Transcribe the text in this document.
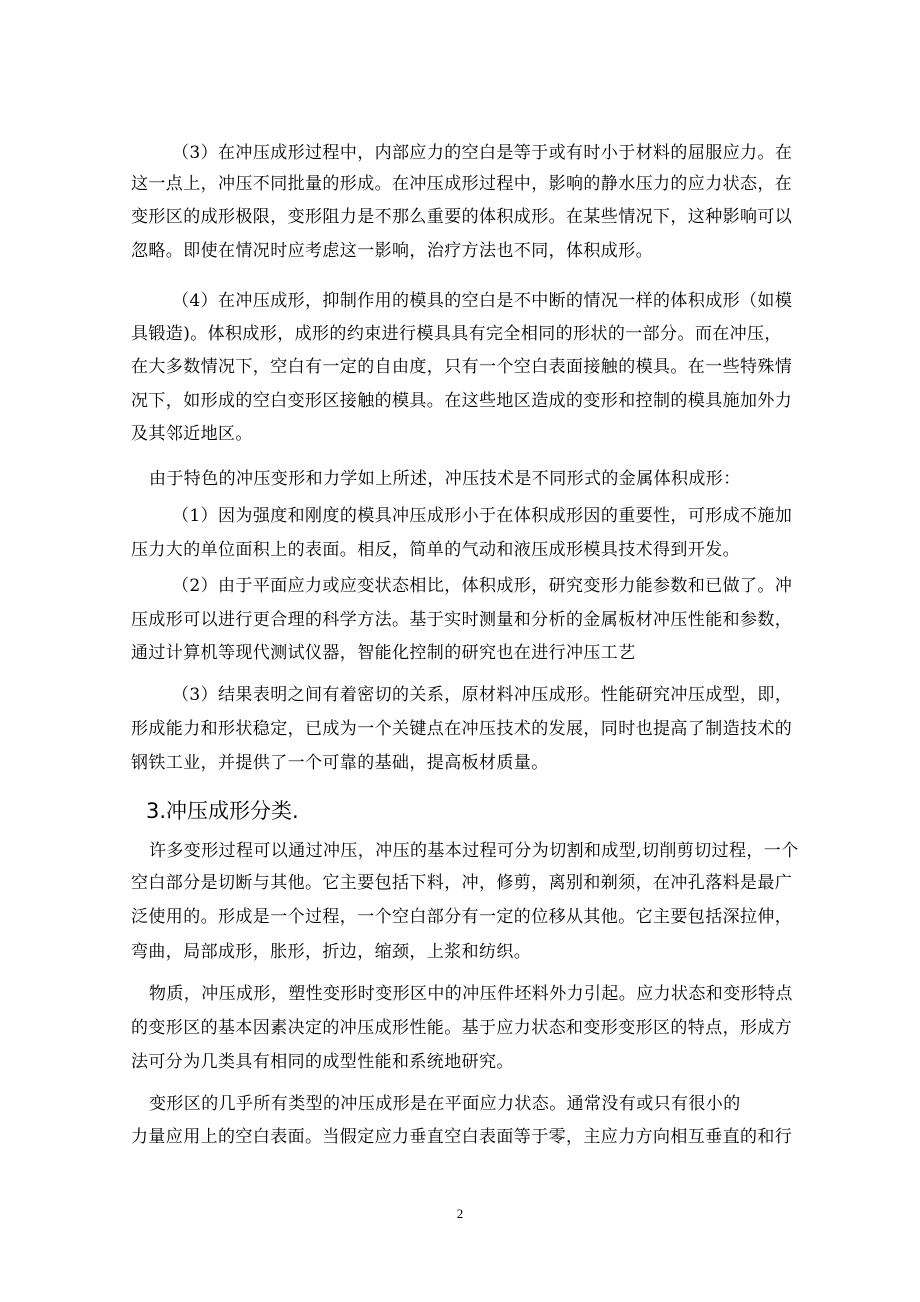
（3）在冲压成形过程中，内部应力的空白是等于或有时小于材料的屈服应力。在
这一点上，冲压不同批量的形成。在冲压成形过程中，影响的静水压力的应力状态，在
变形区的成形极限，变形阻力是不那么重要的体积成形。在某些情况下，这种影响可以
忽略。即使在情况时应考虑这一影响，治疗方法也不同，体积成形。
（4）在冲压成形，抑制作用的模具的空白是不中断的情况一样的体积成形（如模
具锻造)。体积成形，成形的约束进行模具具有完全相同的形状的一部分。而在冲压，
在大多数情况下，空白有一定的自由度，只有一个空白表面接触的模具。在一些特殊情
况下，如形成的空白变形区接触的模具。在这些地区造成的变形和控制的模具施加外力
及其邻近地区。
由于特色的冲压变形和力学如上所述，冲压技术是不同形式的金属体积成形：
（1）因为强度和刚度的模具冲压成形小于在体积成形因的重要性，可形成不施加
压力大的单位面积上的表面。相反，简单的气动和液压成形模具技术得到开发。
（2）由于平面应力或应变状态相比，体积成形，研究变形力能参数和已做了。冲
压成形可以进行更合理的科学方法。基于实时测量和分析的金属板材冲压性能和参数，
通过计算机等现代测试仪器，智能化控制的研究也在进行冲压工艺
（3）结果表明之间有着密切的关系，原材料冲压成形。性能研究冲压成型，即，
形成能力和形状稳定，已成为一个关键点在冲压技术的发展，同时也提高了制造技术的
钢铁工业，并提供了一个可靠的基础，提高板材质量。
3.冲压成形分类.
许多变形过程可以通过冲压，冲压的基本过程可分为切割和成型,切削剪切过程，一个
空白部分是切断与其他。它主要包括下料，冲，修剪，离别和剃须，在冲孔落料是最广
泛使用的。形成是一个过程，一个空白部分有一定的位移从其他。它主要包括深拉伸，
弯曲，局部成形，胀形，折边，缩颈，上浆和纺织。
物质，冲压成形，塑性变形时变形区中的冲压件坯料外力引起。应力状态和变形特点
的变形区的基本因素决定的冲压成形性能。基于应力状态和变形变形区的特点，形成方
法可分为几类具有相同的成型性能和系统地研究。
变形区的几乎所有类型的冲压成形是在平面应力状态。通常没有或只有很小的
力量应用上的空白表面。当假定应力垂直空白表面等于零，主应力方向相互垂直的和行
2
